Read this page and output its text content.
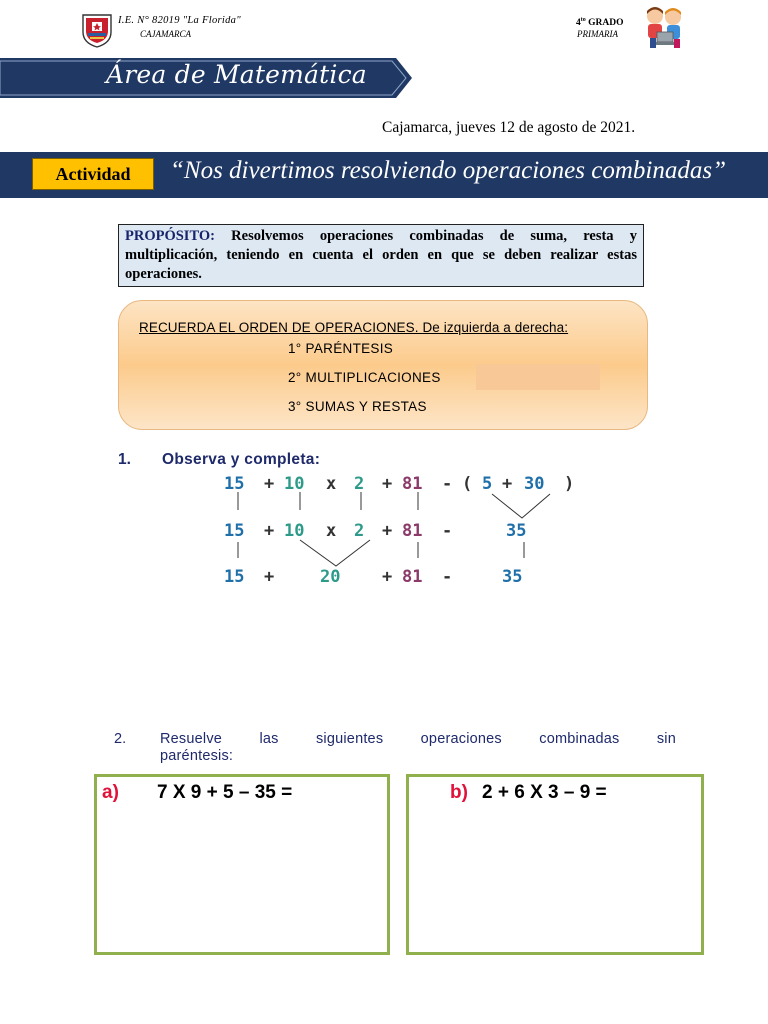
I.E. N° 82019 "La Florida"
CAJAMARCA
$4^{to}$ GRADO
PRIMARIA
Área de Matemática
Cajamarca, jueves 12 de agosto de 2021.
Actividad	“Nos divertimos resolviendo operaciones combinadas”
PROPÓSITO: Resolvemos operaciones combinadas de suma, resta y multiplicación, teniendo en cuenta el orden en que se deben realizar estas operaciones.
RECUERDA EL ORDEN DE OPERACIONES. De izquierda a derecha:
1° PARÉNTESIS
2° MULTIPLICACIONES
3° SUMAS Y RESTAS
1. Observa y completa:
15 + 10 x 2 + 81 - ( 5 + 30 )
15 + 10 x 2 + 81 -	35
15 +	20 + 81 -	35
2. Resuelve las siguientes operaciones combinadas sin
paréntesis:
a) 7 X 9 + 5 – 35 =	b) 2 + 6 X 3 – 9 =
